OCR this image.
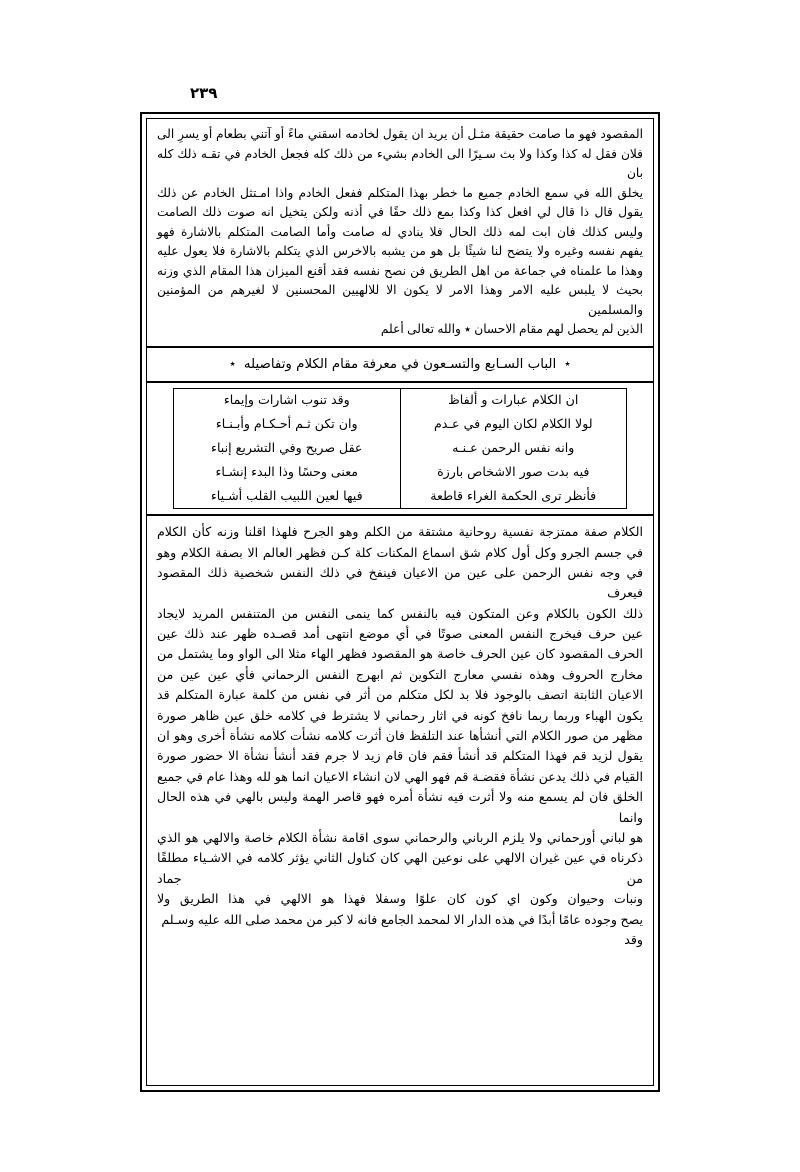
٢٣٩
المقصود فهو ما صامت حقيقة مثـل أن يريد ان يقول لخادمه اسقني ماءً أو آتني بطعام أو يسرِ الى
فلان فقل له كذا وكذا ولا بث سـيرًا الى الخادم بشيء من ذلك كله فجعل الخادم في تقـه ذلك كله بان
يخلق الله في سمع الخادم جميع ما خطر بهذا المتكلم ففعل الخادم واذا امـتثل الخادم عن ذلك
يقول قال ذا قال لي افعل كذا وكذا بمع ذلك حقًا في أذنه ولكن يتخيل انه صوت ذلك الصامت
وليس كذلك فان ابت لمه ذلك الحال فلا ينادي له صامت وأما الصامت المتكلم بالاشارة فهو
يفهم نفسه وغيره ولا يتضح لنا شيئًا بل هو من يشبه بالاخرس الذي يتكلم بالاشارة فلا يعول عليه
وهذا ما علمناه في جماعة من اهل الطريق فن نصح نفسه فقد أقنع الميزان هذا المقام الذي وزنه
بحيث لا يلبس عليه الامر وهذا الامر لا يكون الا للالهيين المحسنين لا لغيرهم من المؤمنين والمسلمين
الذين لم يحصل لهم مقام الاحسان ٭ والله تعالى أعلم
٭ الباب السـابع والتسـعون في معرفة مقام الكلام وتفاصيله ٭
ان الكلام عبارات و ألفاظ	وقد تنوب اشارات وإيماء
لولا الكلام لكان اليوم في عـدم	وان تكن ثـم أحـكـام وأبـنـاء
وانه نفس الرحمن عـنـه	عقل صريح وفي التشريع إنباء
فيه بدت صور الاشخاص بارزة	معنى وحسًا وذا البدء إنشـاء
فأنظر ترى الحكمة الغراء قاطعة	فيها لعين اللبيب القلب أشـياء
الكلام صفة ممتزجة نفسية روحانية مشتقة من الكلم وهو الجرح فلهذا اقلنا وزنه كأن الكلام
في جسم الجرو وكل أول كلام شق اسماع المكنات كلة كـن فظهر العالم الا بصفة الكلام وهو
في وجه نفس الرحمن على عين من الاعيان فينفخ في ذلك النفس شخصية ذلك المقصود فيعرف
ذلك الكون بالكلام وعن المتكون فيه بالنفس كما ينمى النفس من المتنفس المريد لايجاد
عين حرف فيخرج النفس المعنى صوتًا في أي موضع انتهى أمد قصـده ظهر عند ذلك عين
الحرف المقصود كان عين الحرف خاصة هو المقصود فظهر الهاء مثلا الى الواو وما يشتمل من
مخارج الحروف وهذه نفسي معارج التكوين ثم ابهرج النفس الرحماني فأي عين عين من
الاعيان الثابتة اتصف بالوجود فلا بد لكل متكلم من أثر في نفس من كلمة عبارة المتكلم قد
يكون الهباء وربما ربما نافخ كونه في اثار رحماني لا يشترط في كلامه خلق عين ظاهر صورة
مظهر من صور الكلام التي أنشأها عند التلفظ فان أثرت كلامه نشأت كلامه نشأة أخرى وهو ان
يقول لزيد قم فهذا المتكلم قد أنشأ فقم فان قام زيد لا جرم فقد أنشأ نشأة الا حضور صورة
القيام في ذلك يدعن نشأة فقضـة قم فهو الهي لان انشاء الاعيان انما هو لله وهذا عام في جميع
الخلق فان لم يسمع منه ولا أثرت فيه نشأة أمره فهو قاصر الهمة وليس بالهي في هذه الحال وانما
هو لباني أورحماني ولا يلزم الرباني والرحماني سوى اقامة نشأة الكلام خاصة والالهي هو الذي
ذكرناه في عين غيران الالهي على نوعين الهي كان كناول الثاني يؤثر كلامه في الاشـياء مطلقًا من جماد
ونبات وحيوان وكون اي كون كان علوًا وسفلا فهذا هو الالهي في هذا الطريق ولا
يصح وجوده عامًا أبدًا في هذه الدار الا لمحمد الجامع فانه لا كبر من محمد صلى الله عليه وسـلم وقد
